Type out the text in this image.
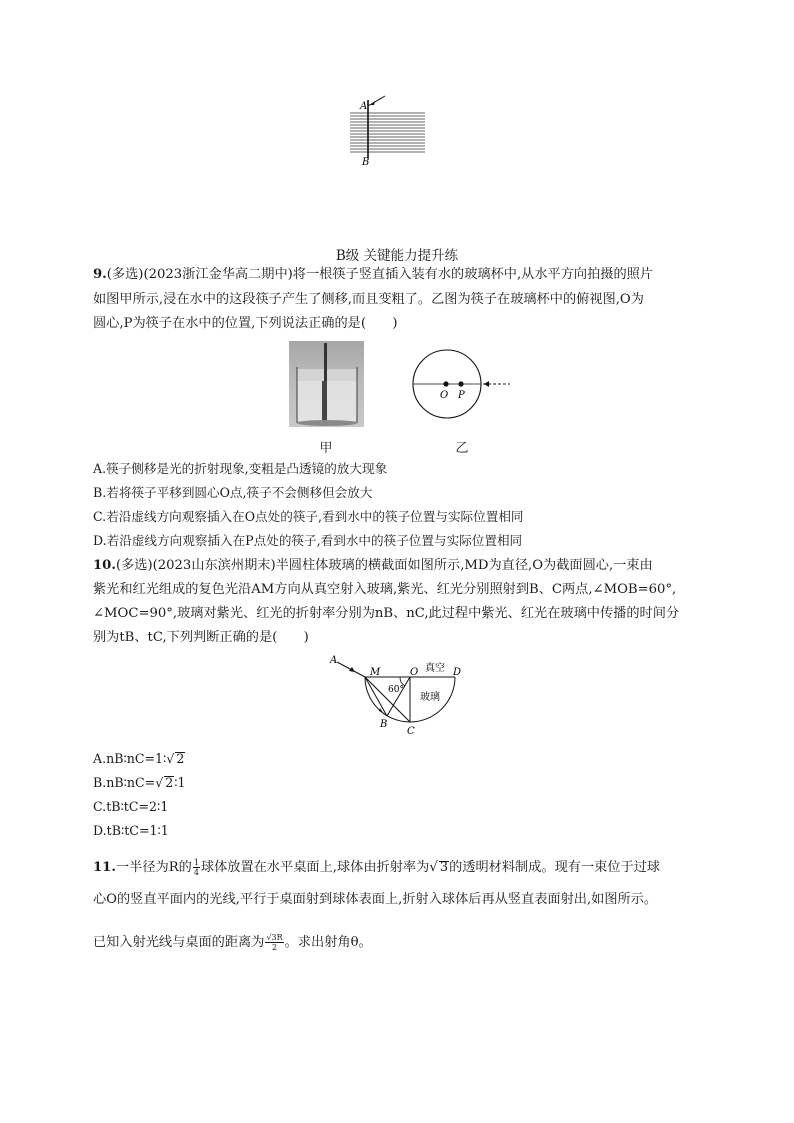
A
B
B级 关键能力提升练
9.(多选)(2023浙江金华高二期中)将一根筷子竖直插入装有水的玻璃杯中,从水平方向拍摄的照片
如图甲所示,浸在水中的这段筷子产生了侧移,而且变粗了。乙图为筷子在玻璃杯中的俯视图,O为
圆心,P为筷子在水中的位置,下列说法正确的是(　　)
甲
O P
乙
A.筷子侧移是光的折射现象,变粗是凸透镜的放大现象
B.若将筷子平移到圆心O点,筷子不会侧移但会放大
C.若沿虚线方向观察插入在O点处的筷子,看到水中的筷子位置与实际位置相同
D.若沿虚线方向观察插入在P点处的筷子,看到水中的筷子位置与实际位置相同
10.(多选)(2023山东滨州期末)半圆柱体玻璃的横截面如图所示,MD为直径,O为截面圆心,一束由
紫光和红光组成的复色光沿AM方向从真空射入玻璃,紫光、红光分别照射到B、C两点,∠MOB=60°,
∠MOC=90°,玻璃对紫光、红光的折射率分别为nB、nC,此过程中紫光、红光在玻璃中传播的时间分
别为tB、tC,下列判断正确的是(　　)
A
M	O	D
B
C
60°
真空
玻璃
A.nB∶nC=1∶√ 2
B.nB∶nC=√ 2∶1
C.tB∶tC=2∶1
D.tB∶tC=1∶1
11.一半径为R的 $\frac{1}{4}$ 球体放置在水平桌面上,球体由折射率为√ 3的透明材料制成。现有一束位于过球
心O的竖直平面内的光线,平行于桌面射到球体表面上,折射入球体后再从竖直表面射出,如图所示。
已知入射光线与桌面的距离为 $\frac{√3R}{2}$ 。求出射角θ。
